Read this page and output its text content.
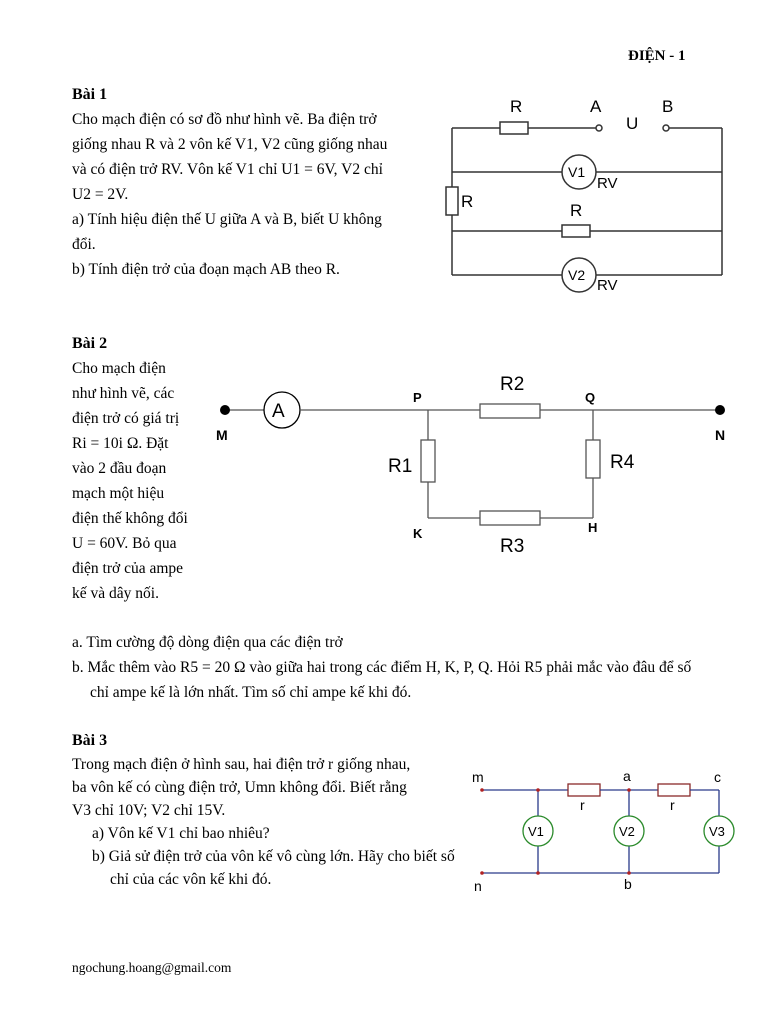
ĐIỆN - 1
Bài 1

Cho mạch điện có sơ đồ như hình vẽ. Ba điện trở

giống nhau R và 2 vôn kế V1, V2 cũng giống nhau

và có điện trở RV. Vôn kế V1 chỉ U1 = 6V, V2 chỉ

U2 = 2V.

a) Tính hiệu điện thế U giữa A và B, biết U không

đổi.

b) Tính điện trở của đoạn mạch AB theo R.

R	A
U
B
R	R
V1
RV
V2
RV
Bài 2

Cho mạch điện

như hình vẽ, các

điện trở có giá trị

Ri = 10i Ω. Đặt

vào 2 đầu đoạn

mạch một hiệu

điện thế không đổi

U = 60V. Bỏ qua

điện trở của ampe

kế và dây nối.

A
M	N
P	Q
K	H
R2
R1	R4
R3

a. Tìm cường độ dòng điện qua các điện trở

b. Mắc thêm vào R5 = 20 Ω vào giữa hai trong các điểm H, K, P, Q. Hỏi R5 phải mắc vào đâu để số chỉ ampe kế là lớn nhất. Tìm số chỉ ampe kế khi đó.

Bài 3

Trong mạch điện ở hình sau, hai điện trở r giống nhau,

ba vôn kế có cùng điện trở, Umn không đổi. Biết rằng

V3 chỉ 10V; V2 chỉ 15V.

a) Vôn kế V1 chỉ bao nhiêu?

b) Giả sử điện trở của vôn kế vô cùng lớn. Hãy cho biết số chỉ của các vôn kế khi đó.

m	a	c
n	b
r	r
V1	V2	V3
ngochung.hoang@gmail.com
